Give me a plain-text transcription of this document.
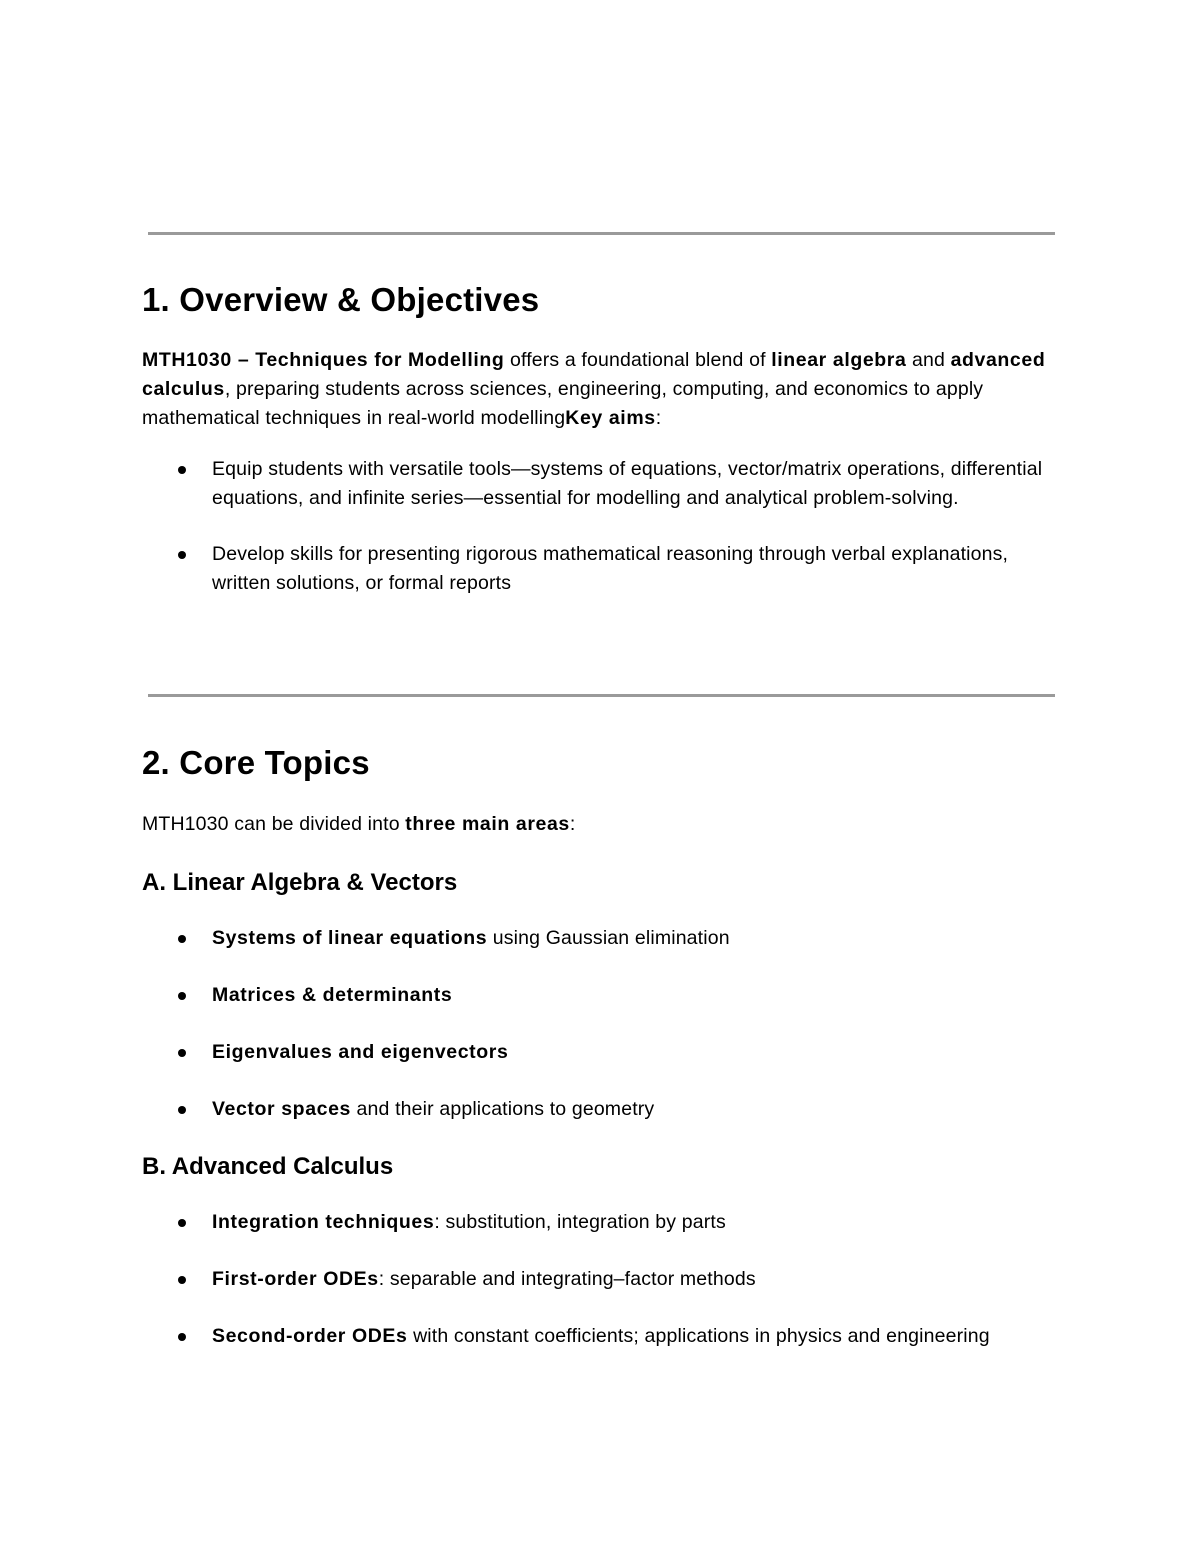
1. Overview & Objectives

MTH1030 – Techniques for Modelling offers a foundational blend of linear algebra and advanced calculus, preparing students across sciences, engineering, computing, and economics to apply mathematical techniques in real-world modellingKey aims:

Equip students with versatile tools—systems of equations, vector/matrix operations, differential equations, and infinite series—essential for modelling and analytical problem-solving.
Develop skills for presenting rigorous mathematical reasoning through verbal explanations, written solutions, or formal reports
2. Core Topics

MTH1030 can be divided into three main areas:

A. Linear Algebra & Vectors
Systems of linear equations using Gaussian elimination
Matrices & determinants
Eigenvalues and eigenvectors
Vector spaces and their applications to geometry
B. Advanced Calculus
Integration techniques: substitution, integration by parts
First-order ODEs: separable and integrating–factor methods
Second-order ODEs with constant coefficients; applications in physics and engineering
